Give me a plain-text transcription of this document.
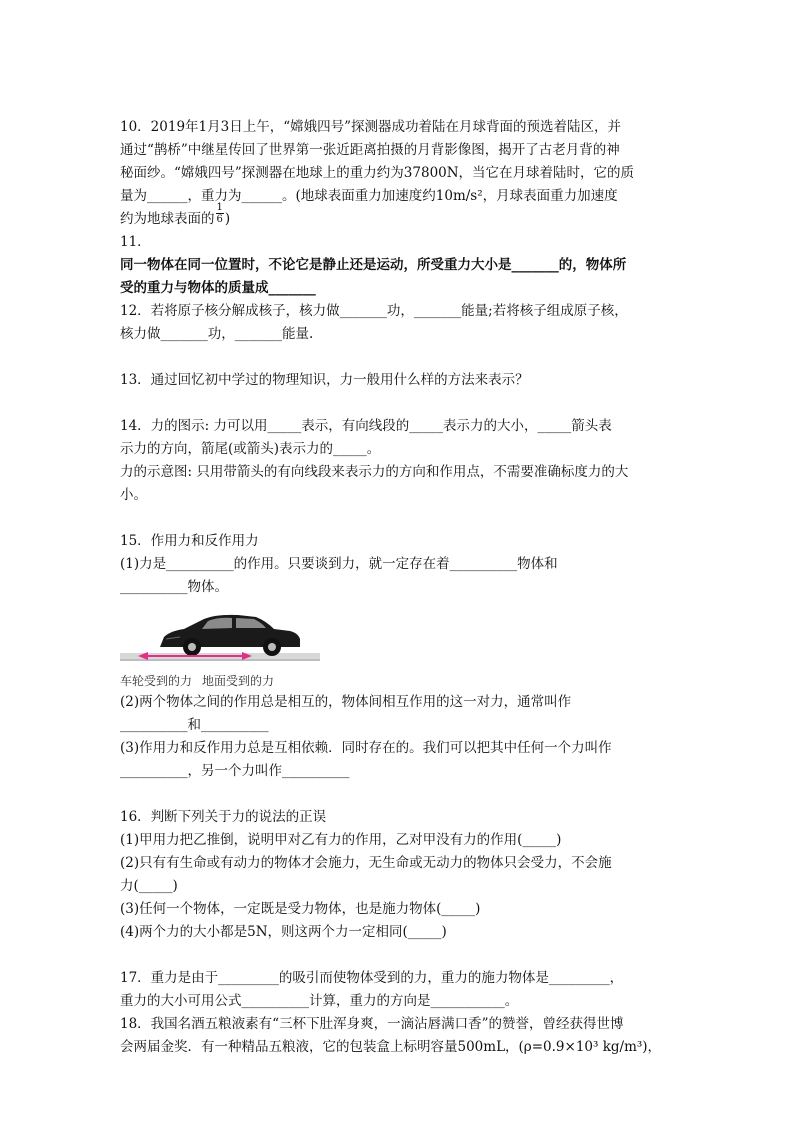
10．2019年1月3日上午，“嫦娥四号”探测器成功着陆在月球背面的预选着陆区，并

通过“鹊桥”中继星传回了世界第一张近距离拍摄的月背影像图，揭开了古老月背的神

秘面纱。“嫦娥四号”探测器在地球上的重力约为37800N，当它在月球着陆时，它的质

量为______，重力为______。(地球表面重力加速度约10m/s²，月球表面重力加速度

约为地球表面的 $\frac{1}{6}$ )

11．

同一物体在同一位置时，不论它是静止还是运动，所受重力大小是_______的，物体所

受的重力与物体的质量成_______

12．若将原子核分解成核子，核力做_______功，_______能量;若将核子组成原子核，

核力做_______功，_______能量.

13．通过回忆初中学过的物理知识，力一般用什么样的方法来表示？

14．力的图示: 力可以用_____表示，有向线段的_____表示力的大小，_____箭头表

示力的方向，箭尾(或箭头)表示力的_____。

力的示意图: 只用带箭头的有向线段来表示力的方向和作用点，不需要准确标度力的大

小。

15．作用力和反作用力

(1)力是__________的作用。只要谈到力，就一定存在着__________物体和

__________物体。

车轮受到的力 地面受到的力

(2)两个物体之间的作用总是相互的，物体间相互作用的这一对力，通常叫作

__________和__________

(3)作用力和反作用力总是互相依赖．同时存在的。我们可以把其中任何一个力叫作

__________，另一个力叫作__________

16．判断下列关于力的说法的正误

(1)甲用力把乙推倒，说明甲对乙有力的作用，乙对甲没有力的作用(_____)

(2)只有有生命或有动力的物体才会施力，无生命或无动力的物体只会受力，不会施

力(_____)

(3)任何一个物体，一定既是受力物体，也是施力物体(_____)

(4)两个力的大小都是5N，则这两个力一定相同(_____)

17．重力是由于_________的吸引而使物体受到的力，重力的施力物体是_________，

重力的大小可用公式__________计算，重力的方向是___________。

18．我国名酒五粮液素有“三杯下肚浑身爽，一滴沾唇满口香”的赞誉，曾经获得世博

会两届金奖．有一种精品五粮液，它的包装盒上标明容量500mL，(ρ=0.9×10³ kg/m³)，
